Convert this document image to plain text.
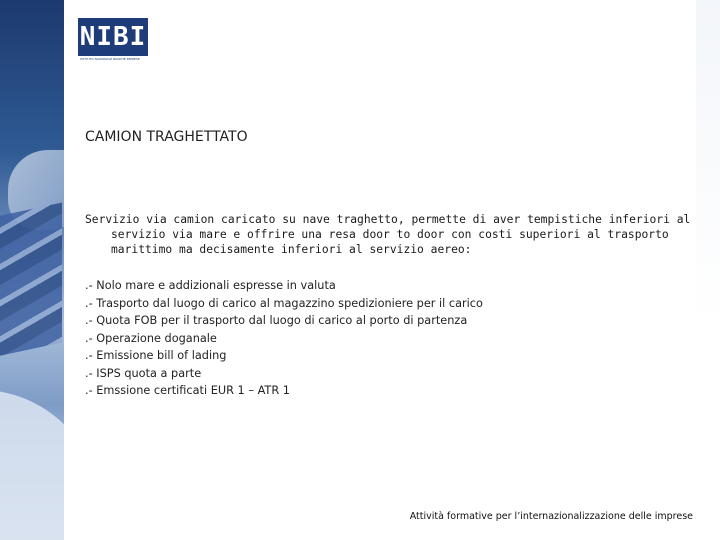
NIBI
ISTITUTO NAZIONALE BANCHE IMPRESE
CAMION TRAGHETTATO
Servizio via camion caricato su nave traghetto, permette di aver tempistiche inferiori al servizio via mare e offrire una resa door to door con costi superiori al trasporto marittimo ma decisamente inferiori al servizio aereo:
.- Nolo mare e addizionali espresse in valuta
.- Trasporto dal luogo di carico al magazzino spedizioniere per il carico
.- Quota FOB per il trasporto dal luogo di carico al porto di partenza
.- Operazione doganale
.- Emissione bill of lading
.- ISPS quota a parte
.- Emssione certificati EUR 1 – ATR 1
Attività formative per l’internazionalizzazione delle imprese
